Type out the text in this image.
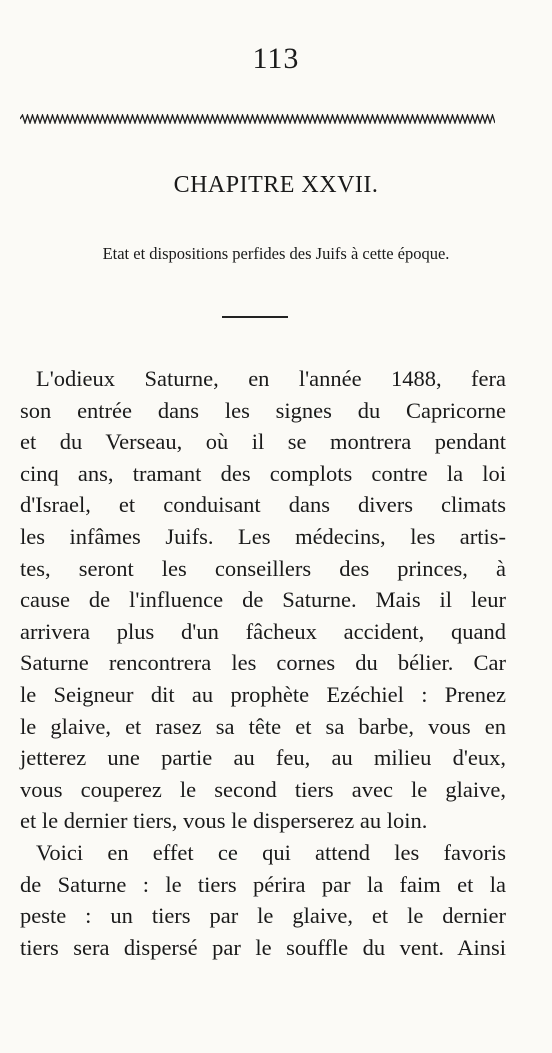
113
CHAPITRE XXVII.
Etat et dispositions perfides des Juifs à cette époque.
L'odieux Saturne, en l'année 1488, fera
son entrée dans les signes du Capricorne
et du Verseau, où il se montrera pendant
cinq ans, tramant des complots contre la loi
d'Israel, et conduisant dans divers climats
les infâmes Juifs. Les médecins, les artis-
tes, seront les conseillers des princes, à
cause de l'influence de Saturne. Mais il leur
arrivera plus d'un fâcheux accident, quand
Saturne rencontrera les cornes du bélier. Car
le Seigneur dit au prophète Ezéchiel : Prenez
le glaive, et rasez sa tête et sa barbe, vous en
jetterez une partie au feu, au milieu d'eux,
vous couperez le second tiers avec le glaive,
et le dernier tiers, vous le disperserez au loin.
Voici en effet ce qui attend les favoris
de Saturne : le tiers périra par la faim et la
peste : un tiers par le glaive, et le dernier
tiers sera dispersé par le souffle du vent. Ainsi
